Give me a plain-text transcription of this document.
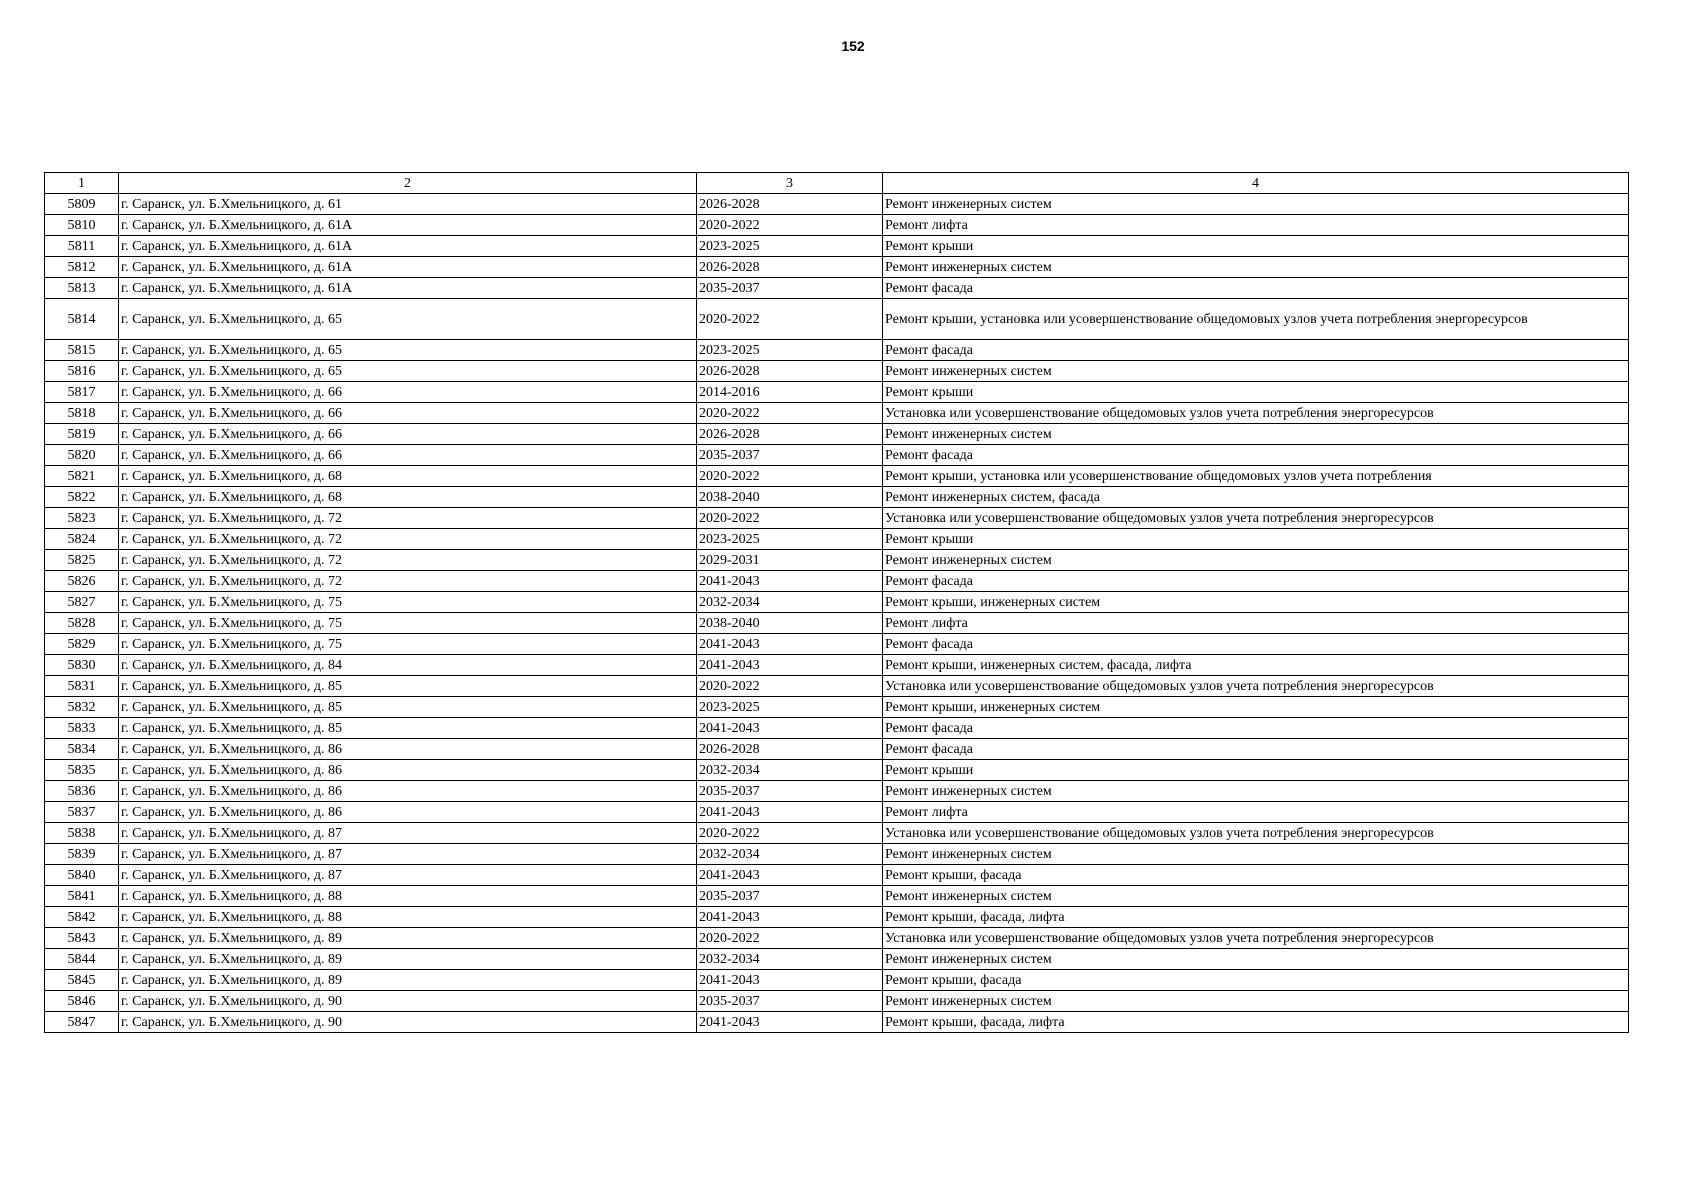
152
1	2	3	4
5809	г. Саранск, ул. Б.Хмельницкого, д. 61	2026-2028	Ремонт инженерных систем
5810	г. Саранск, ул. Б.Хмельницкого, д. 61А	2020-2022	Ремонт лифта
5811	г. Саранск, ул. Б.Хмельницкого, д. 61А	2023-2025	Ремонт крыши
5812	г. Саранск, ул. Б.Хмельницкого, д. 61А	2026-2028	Ремонт инженерных систем
5813	г. Саранск, ул. Б.Хмельницкого, д. 61А	2035-2037	Ремонт фасада
5814	г. Саранск, ул. Б.Хмельницкого, д. 65	2020-2022	Ремонт крыши, установка или усовершенствование общедомовых узлов учета потребления энергоресурсов
5815	г. Саранск, ул. Б.Хмельницкого, д. 65	2023-2025	Ремонт фасада
5816	г. Саранск, ул. Б.Хмельницкого, д. 65	2026-2028	Ремонт инженерных систем
5817	г. Саранск, ул. Б.Хмельницкого, д. 66	2014-2016	Ремонт крыши
5818	г. Саранск, ул. Б.Хмельницкого, д. 66	2020-2022	Установка или усовершенствование общедомовых узлов учета потребления энергоресурсов
5819	г. Саранск, ул. Б.Хмельницкого, д. 66	2026-2028	Ремонт инженерных систем
5820	г. Саранск, ул. Б.Хмельницкого, д. 66	2035-2037	Ремонт фасада
5821	г. Саранск, ул. Б.Хмельницкого, д. 68	2020-2022	Ремонт крыши, установка или усовершенствование общедомовых узлов учета потребления
5822	г. Саранск, ул. Б.Хмельницкого, д. 68	2038-2040	Ремонт инженерных систем, фасада
5823	г. Саранск, ул. Б.Хмельницкого, д. 72	2020-2022	Установка или усовершенствование общедомовых узлов учета потребления энергоресурсов
5824	г. Саранск, ул. Б.Хмельницкого, д. 72	2023-2025	Ремонт крыши
5825	г. Саранск, ул. Б.Хмельницкого, д. 72	2029-2031	Ремонт инженерных систем
5826	г. Саранск, ул. Б.Хмельницкого, д. 72	2041-2043	Ремонт фасада
5827	г. Саранск, ул. Б.Хмельницкого, д. 75	2032-2034	Ремонт крыши, инженерных систем
5828	г. Саранск, ул. Б.Хмельницкого, д. 75	2038-2040	Ремонт лифта
5829	г. Саранск, ул. Б.Хмельницкого, д. 75	2041-2043	Ремонт фасада
5830	г. Саранск, ул. Б.Хмельницкого, д. 84	2041-2043	Ремонт крыши, инженерных систем, фасада, лифта
5831	г. Саранск, ул. Б.Хмельницкого, д. 85	2020-2022	Установка или усовершенствование общедомовых узлов учета потребления энергоресурсов
5832	г. Саранск, ул. Б.Хмельницкого, д. 85	2023-2025	Ремонт крыши, инженерных систем
5833	г. Саранск, ул. Б.Хмельницкого, д. 85	2041-2043	Ремонт фасада
5834	г. Саранск, ул. Б.Хмельницкого, д. 86	2026-2028	Ремонт фасада
5835	г. Саранск, ул. Б.Хмельницкого, д. 86	2032-2034	Ремонт крыши
5836	г. Саранск, ул. Б.Хмельницкого, д. 86	2035-2037	Ремонт инженерных систем
5837	г. Саранск, ул. Б.Хмельницкого, д. 86	2041-2043	Ремонт лифта
5838	г. Саранск, ул. Б.Хмельницкого, д. 87	2020-2022	Установка или усовершенствование общедомовых узлов учета потребления энергоресурсов
5839	г. Саранск, ул. Б.Хмельницкого, д. 87	2032-2034	Ремонт инженерных систем
5840	г. Саранск, ул. Б.Хмельницкого, д. 87	2041-2043	Ремонт крыши, фасада
5841	г. Саранск, ул. Б.Хмельницкого, д. 88	2035-2037	Ремонт инженерных систем
5842	г. Саранск, ул. Б.Хмельницкого, д. 88	2041-2043	Ремонт крыши, фасада, лифта
5843	г. Саранск, ул. Б.Хмельницкого, д. 89	2020-2022	Установка или усовершенствование общедомовых узлов учета потребления энергоресурсов
5844	г. Саранск, ул. Б.Хмельницкого, д. 89	2032-2034	Ремонт инженерных систем
5845	г. Саранск, ул. Б.Хмельницкого, д. 89	2041-2043	Ремонт крыши, фасада
5846	г. Саранск, ул. Б.Хмельницкого, д. 90	2035-2037	Ремонт инженерных систем
5847	г. Саранск, ул. Б.Хмельницкого, д. 90	2041-2043	Ремонт крыши, фасада, лифта
